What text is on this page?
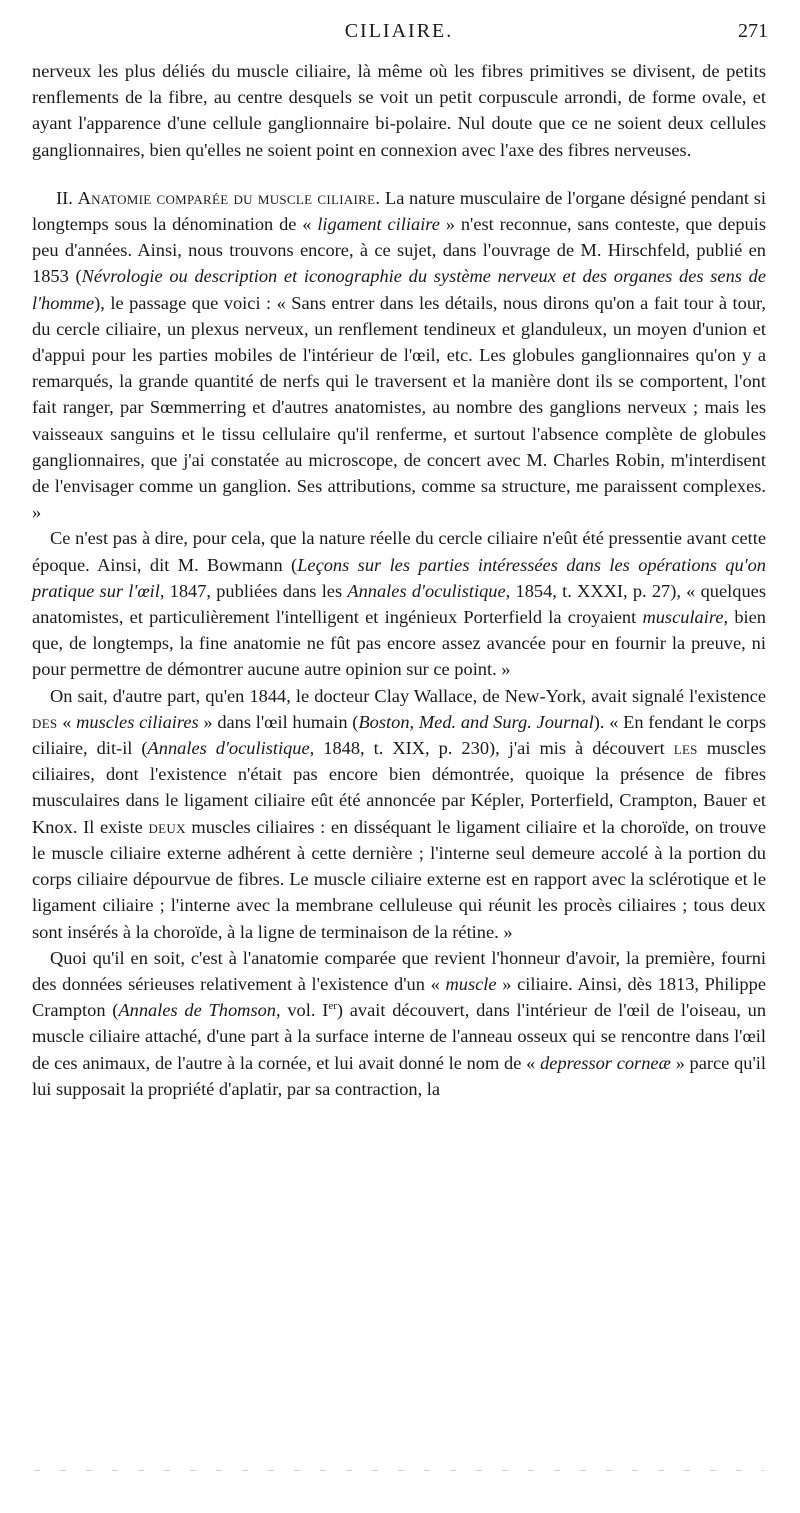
CILIAIRE.	271

nerveux les plus déliés du muscle ciliaire, là même où les fibres primitives se divisent, de petits renflements de la fibre, au centre desquels se voit un petit corpuscule arrondi, de forme ovale, et ayant l'apparence d'une cellule ganglionnaire bi-polaire. Nul doute que ce ne soient deux cellules ganglionnaires, bien qu'elles ne soient point en connexion avec l'axe des fibres nerveuses.

II. Anatomie comparée du muscle ciliaire. La nature musculaire de l'organe désigné pendant si longtemps sous la dénomination de « ligament ciliaire » n'est reconnue, sans conteste, que depuis peu d'années. Ainsi, nous trouvons encore, à ce sujet, dans l'ouvrage de M. Hirschfeld, publié en 1853 (Névrologie ou description et iconographie du système nerveux et des organes des sens de l'homme), le passage que voici : « Sans entrer dans les détails, nous dirons qu'on a fait tour à tour, du cercle ciliaire, un plexus nerveux, un renflement tendineux et glanduleux, un moyen d'union et d'appui pour les parties mobiles de l'intérieur de l'œil, etc. Les globules ganglionnaires qu'on y a remarqués, la grande quantité de nerfs qui le traversent et la manière dont ils se comportent, l'ont fait ranger, par Sœmmerring et d'autres anatomistes, au nombre des ganglions nerveux ; mais les vaisseaux sanguins et le tissu cellulaire qu'il renferme, et surtout l'absence complète de globules ganglionnaires, que j'ai constatée au microscope, de concert avec M. Charles Robin, m'interdisent de l'envisager comme un ganglion. Ses attributions, comme sa structure, me paraissent complexes. »

Ce n'est pas à dire, pour cela, que la nature réelle du cercle ciliaire n'eût été pressentie avant cette époque. Ainsi, dit M. Bowmann (Leçons sur les parties intéressées dans les opérations qu'on pratique sur l'œil, 1847, publiées dans les Annales d'oculistique, 1854, t. XXXI, p. 27), « quelques anatomistes, et particulièrement l'intelligent et ingénieux Porterfield la croyaient musculaire, bien que, de longtemps, la fine anatomie ne fût pas encore assez avancée pour en fournir la preuve, ni pour permettre de démontrer aucune autre opinion sur ce point. »

On sait, d'autre part, qu'en 1844, le docteur Clay Wallace, de New-York, avait signalé l'existence des « muscles ciliaires » dans l'œil humain (Boston, Med. and Surg. Journal). « En fendant le corps ciliaire, dit-il (Annales d'oculistique, 1848, t. XIX, p. 230), j'ai mis à découvert les muscles ciliaires, dont l'existence n'était pas encore bien démontrée, quoique la présence de fibres musculaires dans le ligament ciliaire eût été annoncée par Képler, Porterfield, Crampton, Bauer et Knox. Il existe deux muscles ciliaires : en disséquant le ligament ciliaire et la choroïde, on trouve le muscle ciliaire externe adhérent à cette dernière ; l'interne seul demeure accolé à la portion du corps ciliaire dépourvue de fibres. Le muscle ciliaire externe est en rapport avec la sclérotique et le ligament ciliaire ; l'interne avec la membrane celluleuse qui réunit les procès ciliaires ; tous deux sont insérés à la choroïde, à la ligne de terminaison de la rétine. »

Quoi qu'il en soit, c'est à l'anatomie comparée que revient l'honneur d'avoir, la première, fourni des données sérieuses relativement à l'existence d'un « muscle » ciliaire. Ainsi, dès 1813, Philippe Crampton (Annales de Thomson, vol. Ier) avait découvert, dans l'intérieur de l'œil de l'oiseau, un muscle ciliaire attaché, d'une part à la surface interne de l'anneau osseux qui se rencontre dans l'œil de ces animaux, de l'autre à la cornée, et lui avait donné le nom de « depressor corneæ » parce qu'il lui supposait la propriété d'aplatir, par sa contraction, la
